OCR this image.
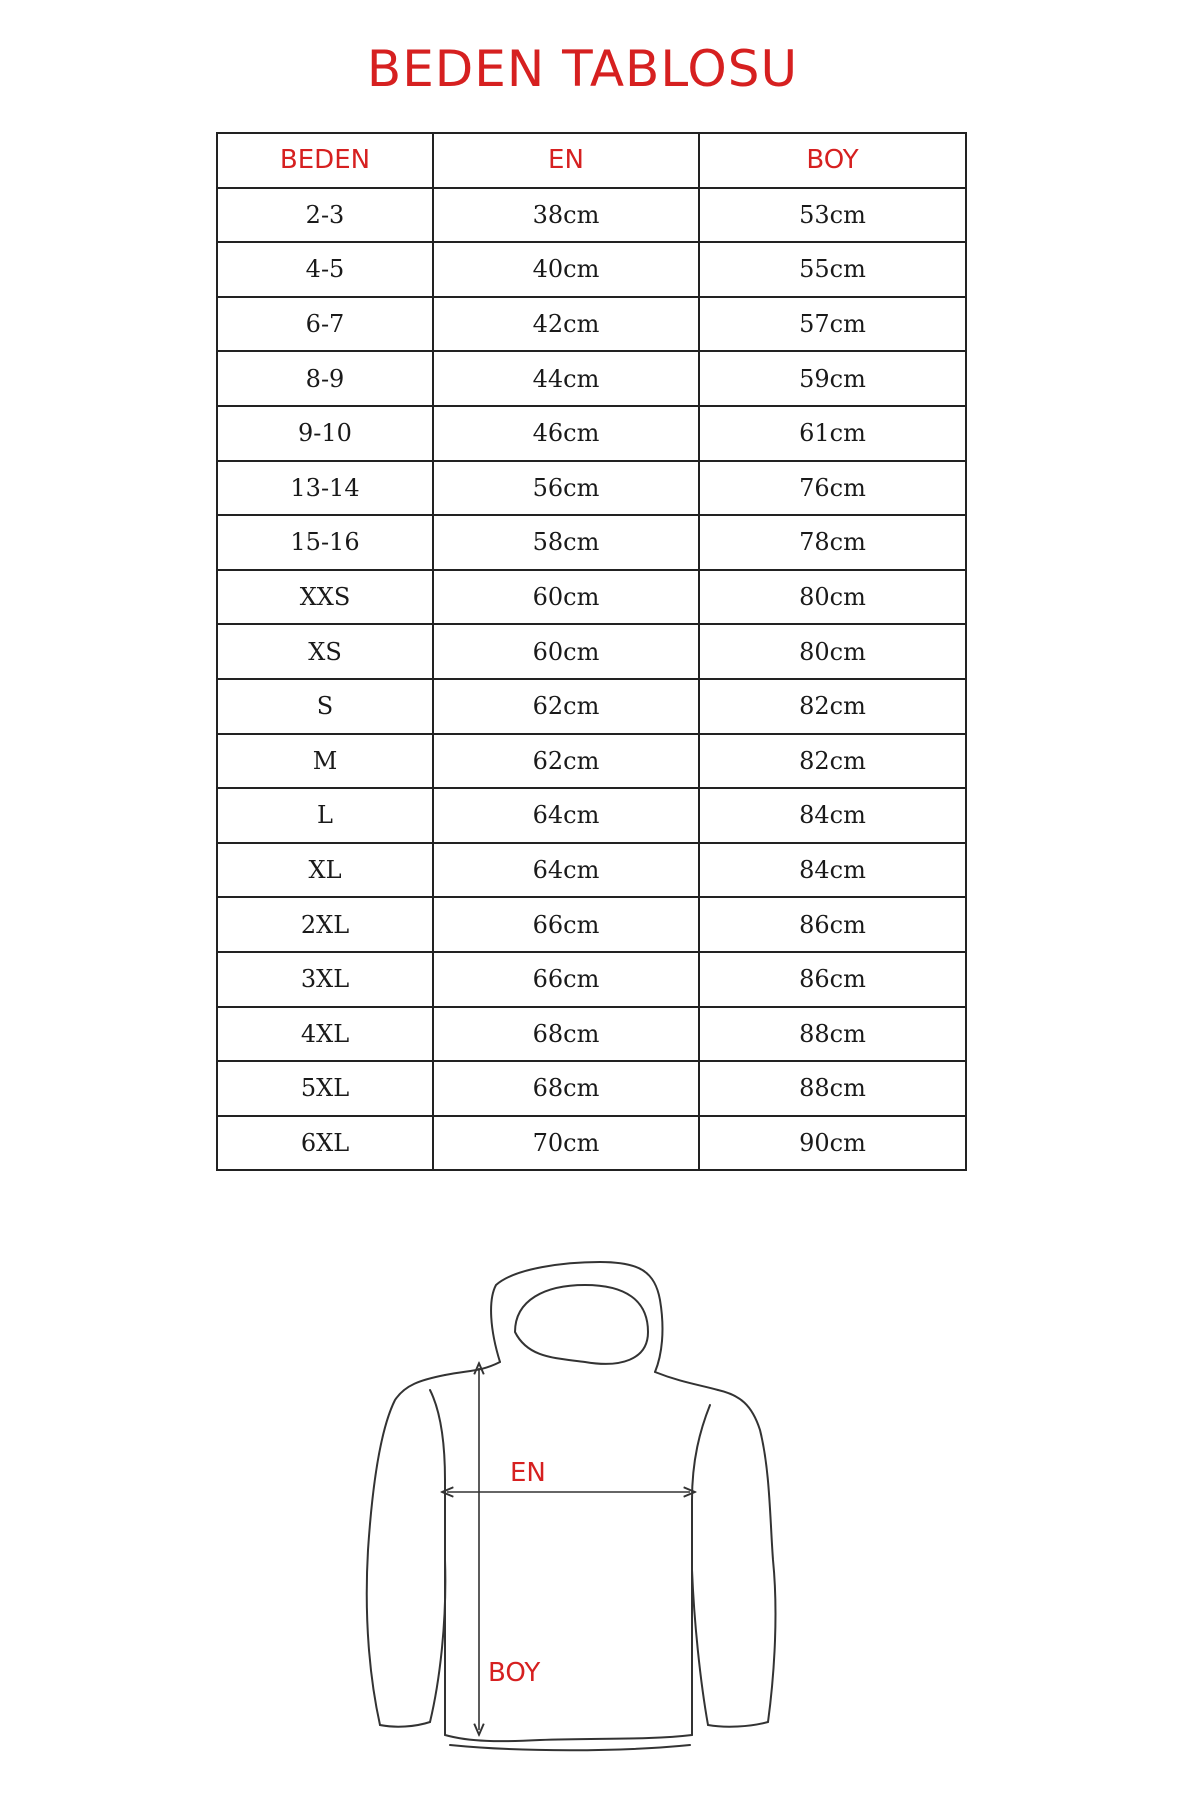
BEDEN TABLOSU
BEDEN	EN	BOY
2-3	38cm	53cm
4-5	40cm	55cm
6-7	42cm	57cm
8-9	44cm	59cm
9-10	46cm	61cm
13-14	56cm	76cm
15-16	58cm	78cm
XXS	60cm	80cm
XS	60cm	80cm
S	62cm	82cm
M	62cm	82cm
L	64cm	84cm
XL	64cm	84cm
2XL	66cm	86cm
3XL	66cm	86cm
4XL	68cm	88cm
5XL	68cm	88cm
6XL	70cm	90cm
EN
BOY
